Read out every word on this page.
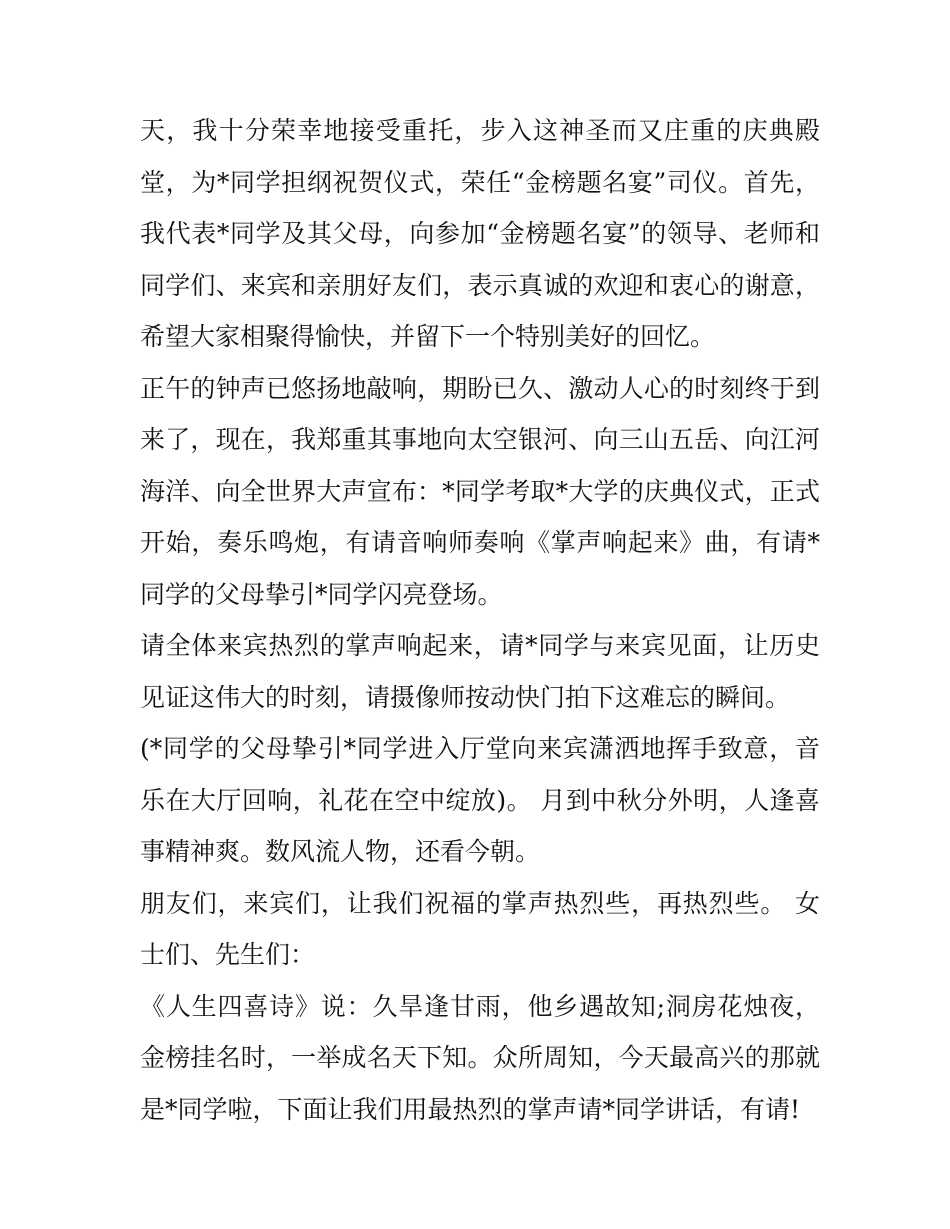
天，我十分荣幸地接受重托，步入这神圣而又庄重的庆典殿堂，为*同学担纲祝贺仪式，荣任“金榜题名宴”司仪。首先，我代表*同学及其父母，向参加“金榜题名宴”的领导、老师和同学们、来宾和亲朋好友们，表示真诚的欢迎和衷心的谢意，希望大家相聚得愉快，并留下一个特别美好的回忆。

正午的钟声已悠扬地敲响，期盼已久、激动人心的时刻终于到来了，现在，我郑重其事地向太空银河、向三山五岳、向江河海洋、向全世界大声宣布：*同学考取*大学的庆典仪式，正式开始，奏乐鸣炮，有请音响师奏响《掌声响起来》曲，有请*同学的父母挚引*同学闪亮登场。

请全体来宾热烈的掌声响起来，请*同学与来宾见面，让历史见证这伟大的时刻，请摄像师按动快门拍下这难忘的瞬间。

(*同学的父母挚引*同学进入厅堂向来宾潇洒地挥手致意，音乐在大厅回响，礼花在空中绽放)。 月到中秋分外明，人逢喜事精神爽。数风流人物，还看今朝。

朋友们，来宾们，让我们祝福的掌声热烈些，再热烈些。 女士们、先生们：

《人生四喜诗》说：久旱逢甘雨，他乡遇故知;洞房花烛夜，金榜挂名时，一举成名天下知。众所周知，今天最高兴的那就是*同学啦，下面让我们用最热烈的掌声请*同学讲话，有请!
